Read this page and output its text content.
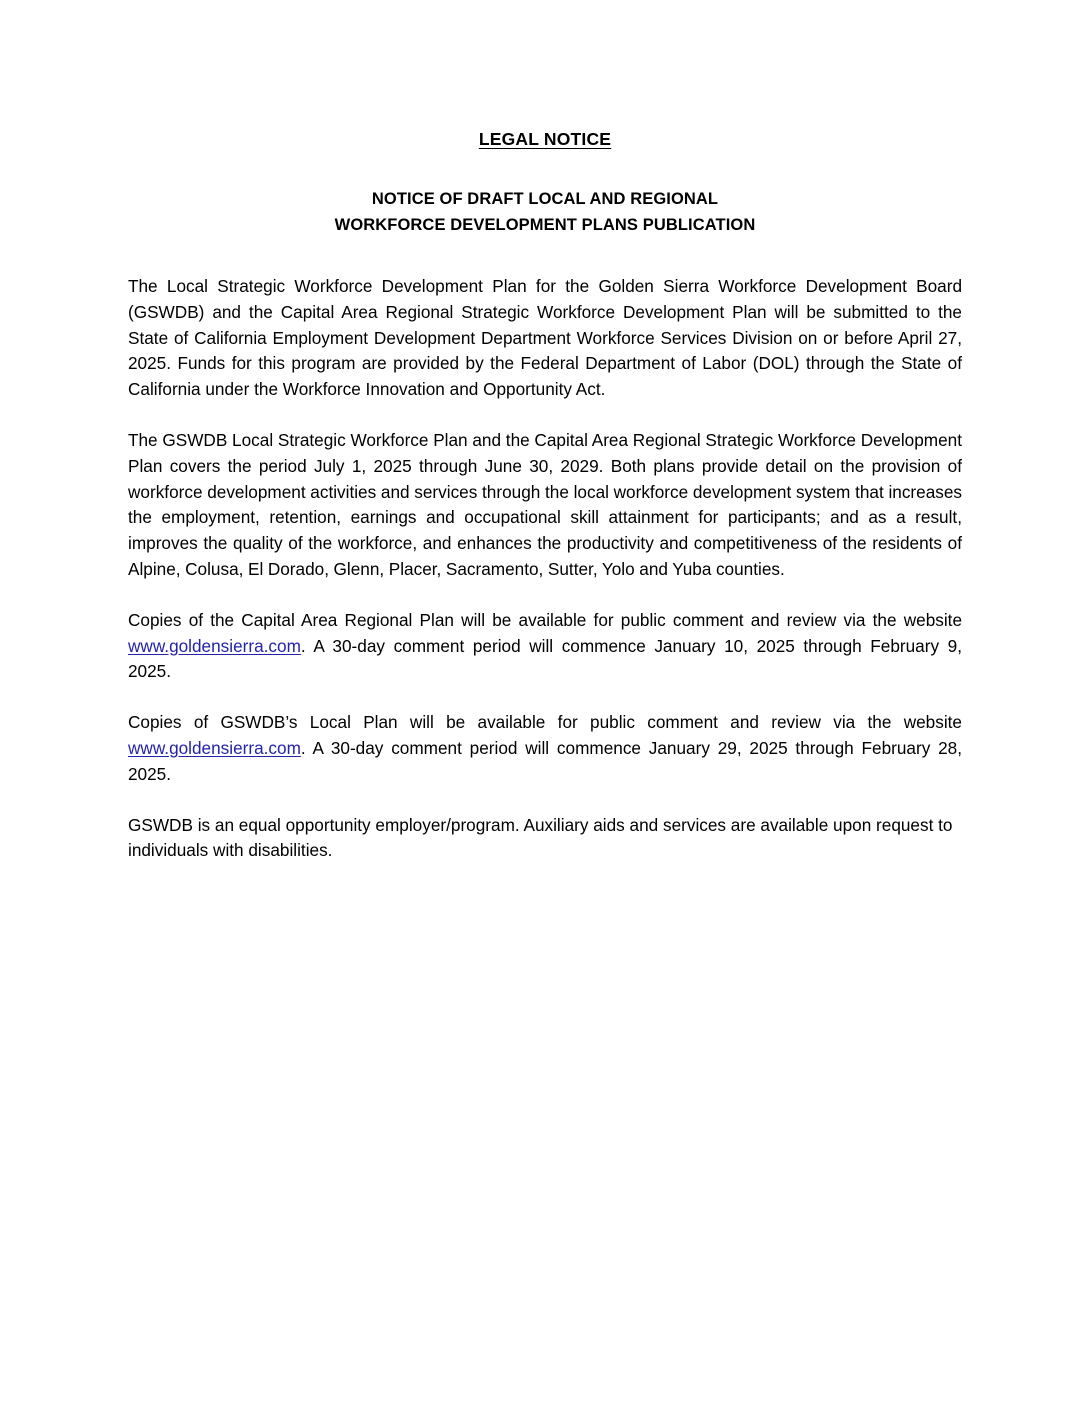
LEGAL NOTICE
NOTICE OF DRAFT LOCAL AND REGIONAL
WORKFORCE DEVELOPMENT PLANS PUBLICATION

The Local Strategic Workforce Development Plan for the Golden Sierra Workforce Development Board (GSWDB) and the Capital Area Regional Strategic Workforce Development Plan will be submitted to the State of California Employment Development Department Workforce Services Division on or before April 27, 2025. Funds for this program are provided by the Federal Department of Labor (DOL) through the State of California under the Workforce Innovation and Opportunity Act.

The GSWDB Local Strategic Workforce Plan and the Capital Area Regional Strategic Workforce Development Plan covers the period July 1, 2025 through June 30, 2029. Both plans provide detail on the provision of workforce development activities and services through the local workforce development system that increases the employment, retention, earnings and occupational skill attainment for participants; and as a result, improves the quality of the workforce, and enhances the productivity and competitiveness of the residents of Alpine, Colusa, El Dorado, Glenn, Placer, Sacramento, Sutter, Yolo and Yuba counties.

Copies of the Capital Area Regional Plan will be available for public comment and review via the website www.goldensierra.com. A 30-day comment period will commence January 10, 2025 through February 9, 2025.

Copies of GSWDB’s Local Plan will be available for public comment and review via the website www.goldensierra.com. A 30-day comment period will commence January 29, 2025 through February 28, 2025.

GSWDB is an equal opportunity employer/program. Auxiliary aids and services are available upon request to individuals with disabilities.
